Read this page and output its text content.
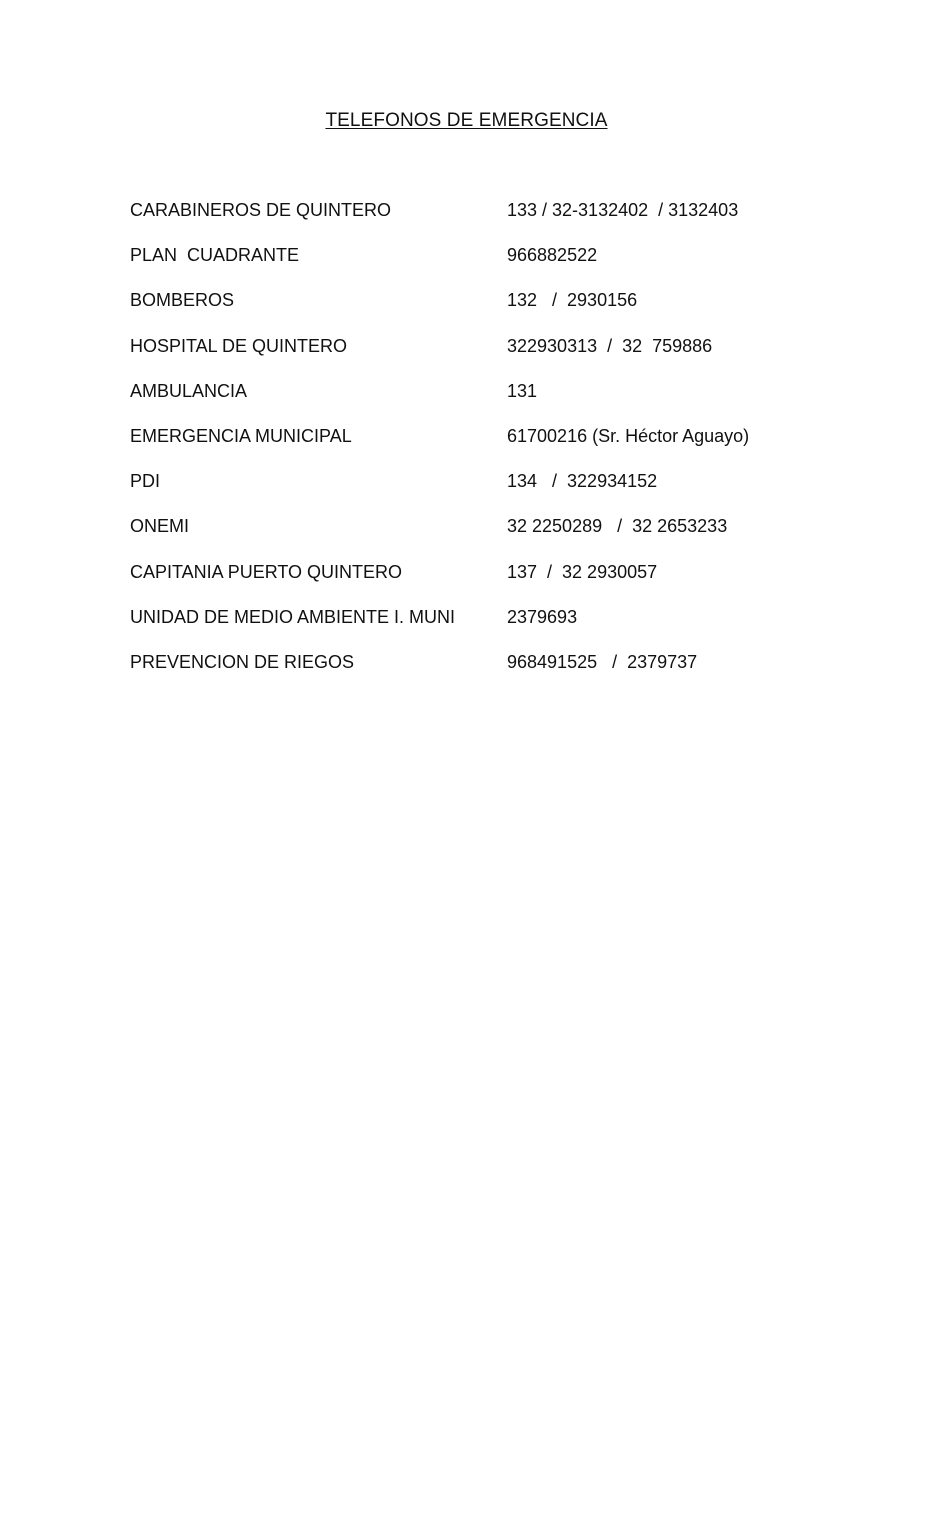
TELEFONOS DE EMERGENCIA
CARABINEROS DE QUINTERO	133 / 32-3132402  / 3132403
PLAN  CUADRANTE	966882522
BOMBEROS	132   /  2930156
HOSPITAL DE QUINTERO	322930313  /  32  759886
AMBULANCIA	131
EMERGENCIA MUNICIPAL	61700216 (Sr. Héctor Aguayo)
PDI	134   /  322934152
ONEMI	32 2250289   /  32 2653233
CAPITANIA PUERTO QUINTERO	137  /  32 2930057
UNIDAD DE MEDIO AMBIENTE I. MUNI	2379693
PREVENCION DE RIEGOS	968491525   /  2379737
